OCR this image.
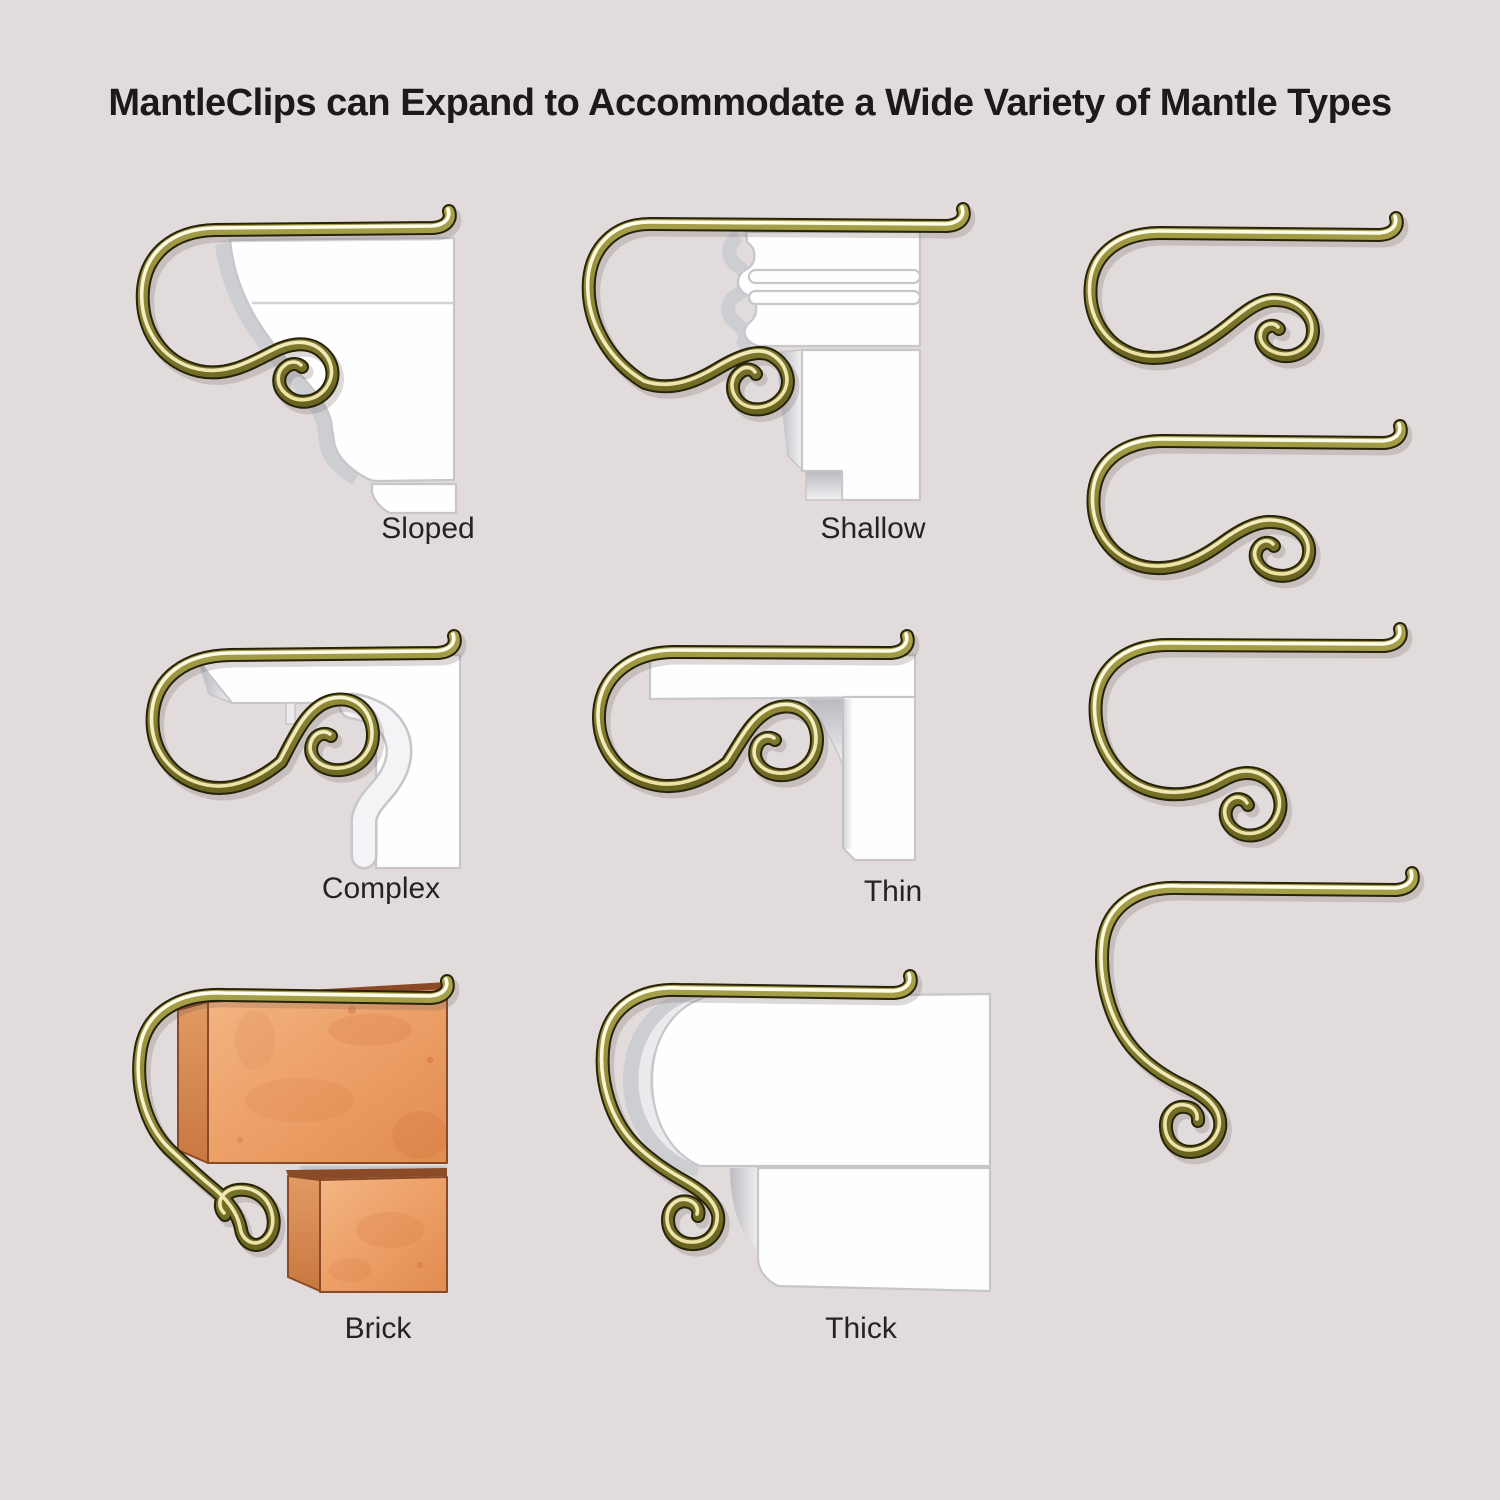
MantleClips can Expand to Accommodate a Wide Variety of Mantle Types
Sloped	Shallow
Complex	Thin
Brick	Thick
